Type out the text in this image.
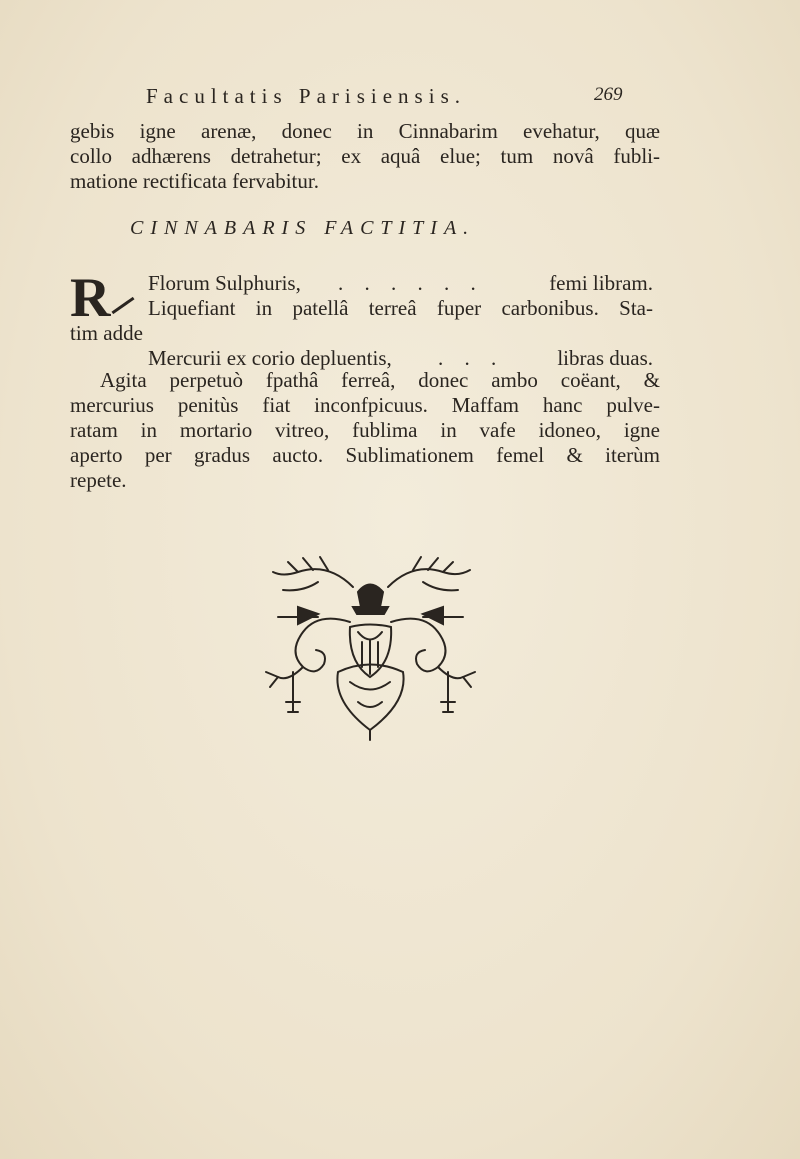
Facultatis Parisiensis.	269
gebis igne arenæ, donec in Cinnabarim evehatur, quæ
collo adhærens detrahetur; ex aquâ elue; tum novâ fubli-
matione rectificata fervabitur.
CINNABARIS FACTITIA.
R Florum Sulphuris, . . . . . .	femi libram.
Liquefiant in patellâ terreâ fuper carbonibus. Sta-
tim adde
Mercurii ex corio depluentis, . . .	libras duas.
Agita perpetuò fpathâ ferreâ, donec ambo coëant, &
mercurius penitùs fiat inconfpicuus. Maffam hanc pulve-
ratam in mortario vitreo, fublima in vafe idoneo, igne
aperto per gradus aucto. Sublimationem femel & iterùm
repete.
